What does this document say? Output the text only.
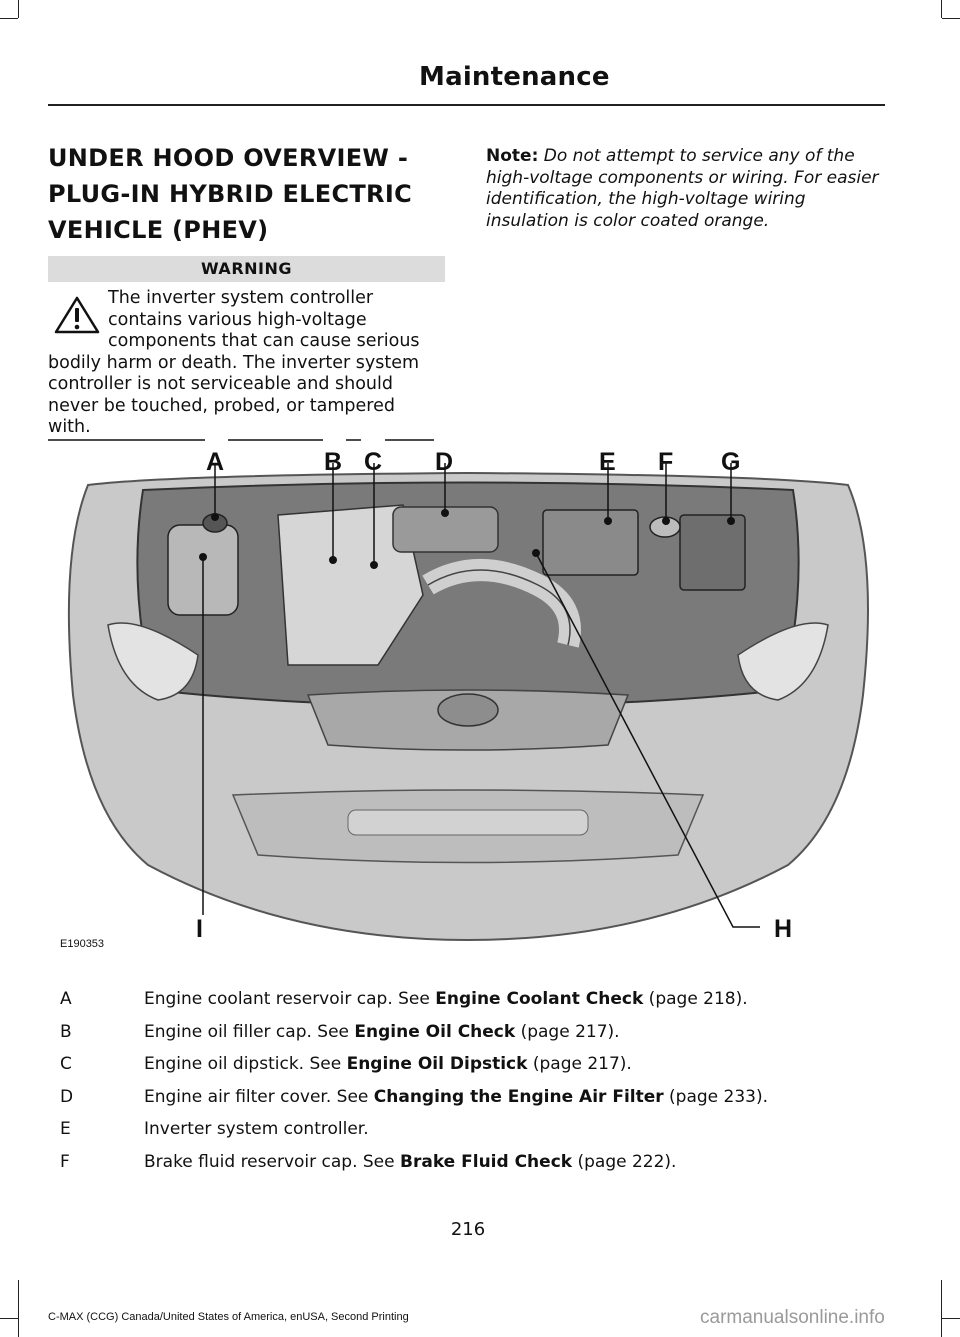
Maintenance
UNDER HOOD OVERVIEW -
PLUG-IN HYBRID ELECTRIC
VEHICLE (PHEV)
WARNING
The inverter system controller
contains various high-voltage
components that can cause serious
bodily harm or death. The inverter system
controller is not serviceable and should
never be touched, probed, or tampered
with.
Note: Do not attempt to service any of the high-voltage components or wiring. For easier identification, the high-voltage wiring insulation is color coated orange.
A	B C D	E F G
H
I
E190353
A	Engine coolant reservoir cap. See Engine Coolant Check (page 218).
B	Engine oil filler cap. See Engine Oil Check (page 217).
C	Engine oil dipstick. See Engine Oil Dipstick (page 217).
D	Engine air filter cover. See Changing the Engine Air Filter (page 233).
E	Inverter system controller.
F	Brake fluid reservoir cap. See Brake Fluid Check (page 222).
216
C-MAX (CCG) Canada/United States of America, enUSA, Second Printing	carmanualsonline.info
